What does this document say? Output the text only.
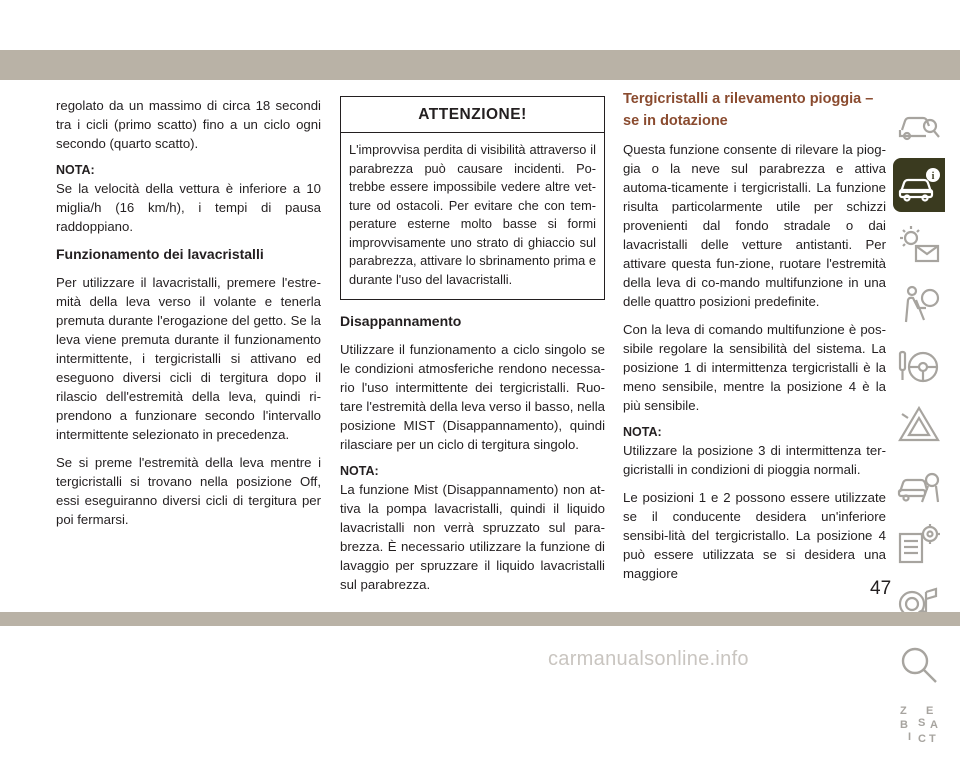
regolato da un massimo di circa 18 secondi tra i cicli (primo scatto) fino a un ciclo ogni secondo (quarto scatto).

NOTA:
Se la velocità della vettura è inferiore a 10 miglia/h (16 km/h), i tempi di pausa raddoppiano.

Funzionamento dei lavacristalli

Per utilizzare il lavacristalli, premere l'estre-mità della leva verso il volante e tenerla premuta durante l'erogazione del getto. Se la leva viene premuta durante il funzionamento intermittente, i tergicristalli si attivano ed eseguono diversi cicli di tergitura dopo il rilascio dell'estremità della leva, quindi ri-prendono a funzionare secondo l'intervallo intermittente selezionato in precedenza.

Se si preme l'estremità della leva mentre i tergicristalli si trovano nella posizione Off, essi eseguiranno diversi cicli di tergitura per poi fermarsi.

ATTENZIONE!
L'improvvisa perdita di visibilità attraverso il parabrezza può causare incidenti. Po-trebbe essere impossibile vedere altre vet-ture od ostacoli. Per evitare che con tem-perature esterne molto basse si formi improvvisamente uno strato di ghiaccio sul parabrezza, attivare lo sbrinamento prima e durante l'uso del lavacristalli.
Disappannamento

Utilizzare il funzionamento a ciclo singolo se le condizioni atmosferiche rendono necessa-rio l'uso intermittente dei tergicristalli. Ruo-tare l'estremità della leva verso il basso, nella posizione MIST (Disappannamento), quindi rilasciare per un ciclo di tergitura singolo.

NOTA:
La funzione Mist (Disappannamento) non at-tiva la pompa lavacristalli, quindi il liquido lavacristalli non verrà spruzzato sul para-brezza. È necessario utilizzare la funzione di lavaggio per spruzzare il liquido lavacristalli sul parabrezza.

Tergicristalli a rilevamento pioggia – se in dotazione

Questa funzione consente di rilevare la piog-gia o la neve sul parabrezza e attiva automa-ticamente i tergicristalli. La funzione risulta particolarmente utile per schizzi provenienti dal fondo stradale o dai lavacristalli delle vetture antistanti. Per attivare questa fun-zione, ruotare l'estremità della leva di co-mando multifunzione in una delle quattro posizioni predefinite.

Con la leva di comando multifunzione è pos-sibile regolare la sensibilità del sistema. La posizione 1 di intermittenza tergicristalli è la meno sensibile, mentre la posizione 4 è la più sensibile.

NOTA:
Utilizzare la posizione 3 di intermittenza ter-gicristalli in condizioni di pioggia normali.

Le posizioni 1 e 2 possono essere utilizzate se il conducente desidera un'inferiore sensibi-lità del tergicristallo. La posizione 4 può essere utilizzata se si desidera una maggiore

i
Z E
B S A
I C T
47
carmanualsonline.info
